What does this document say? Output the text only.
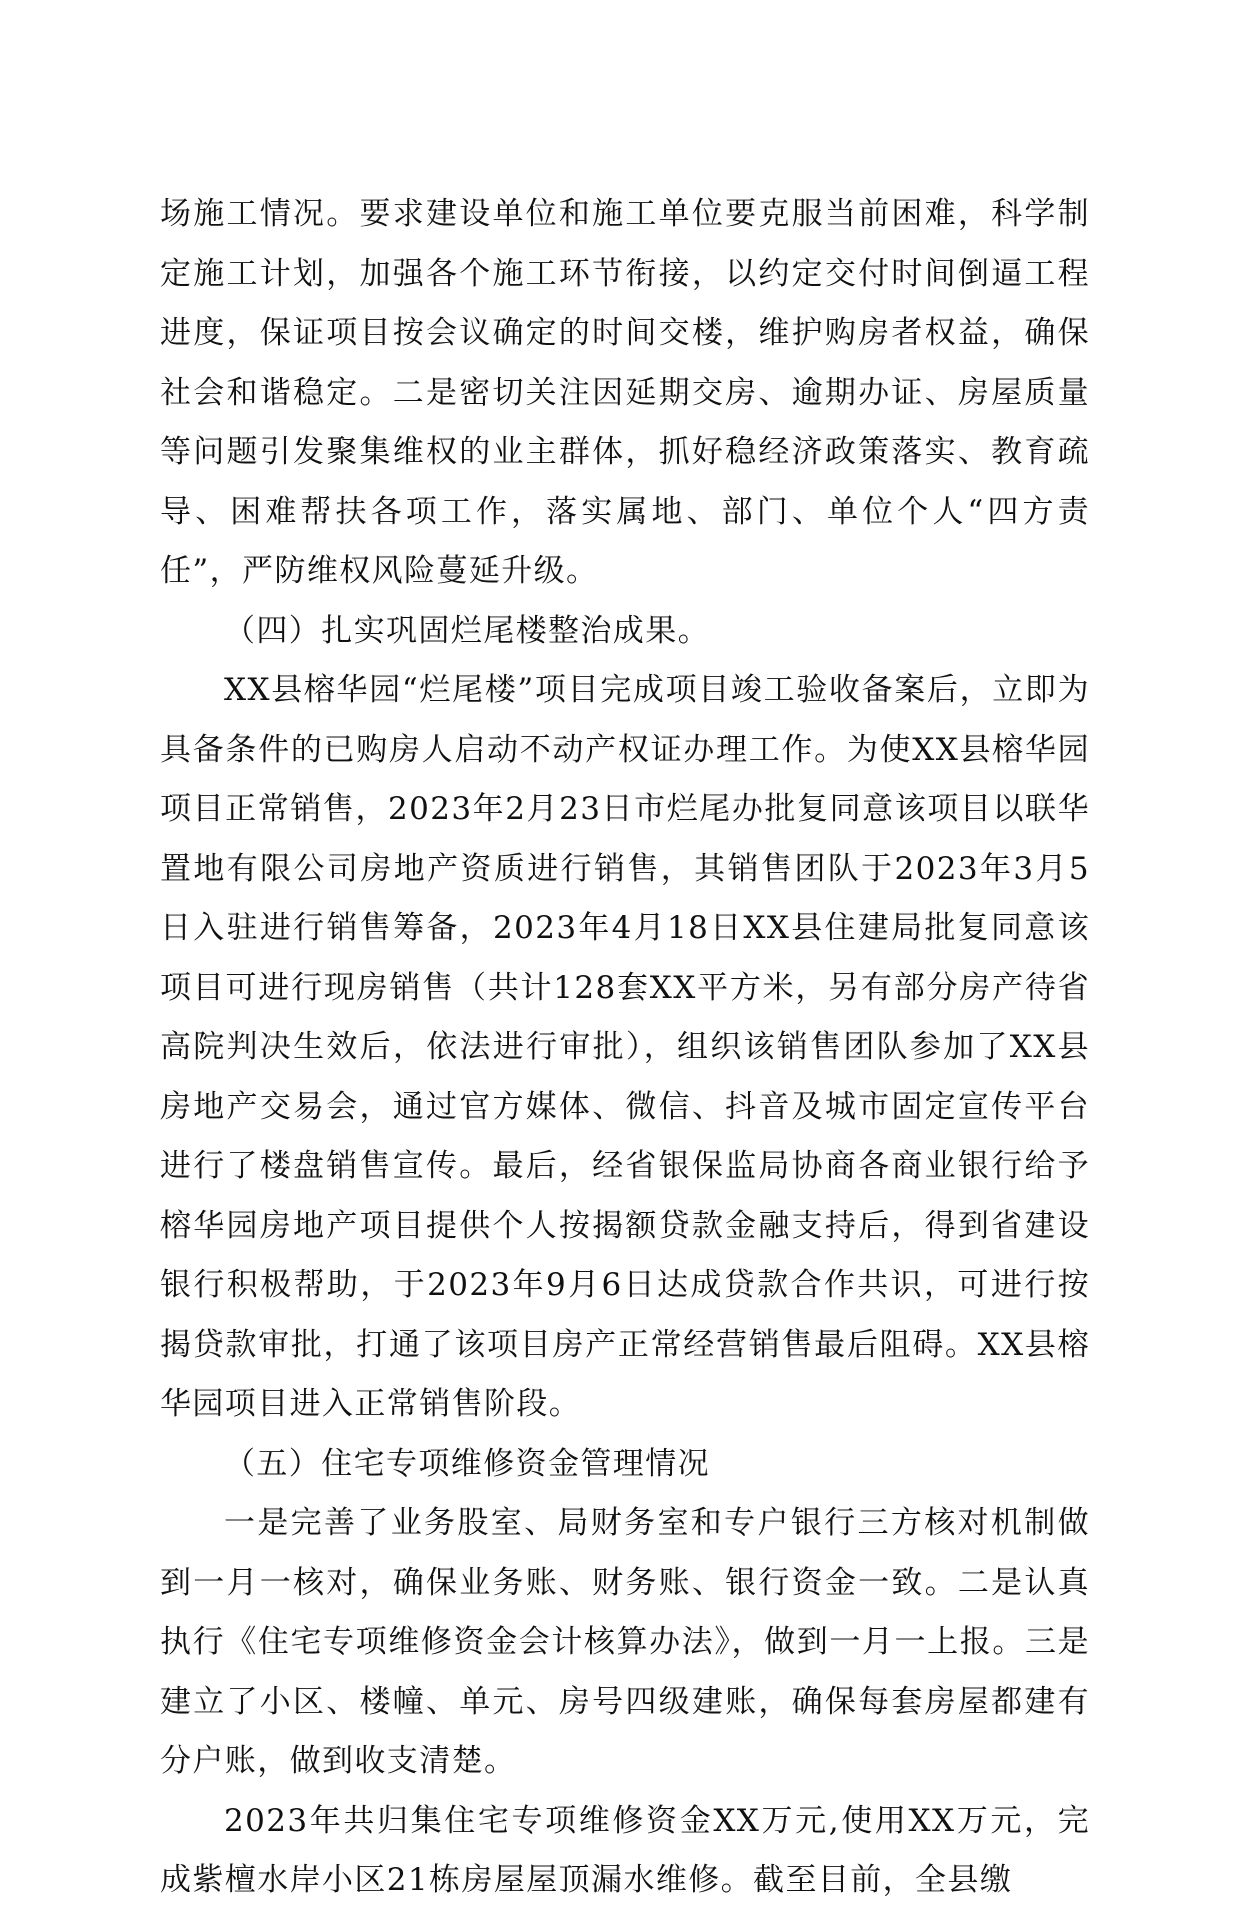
场施工情况。要求建设单位和施工单位要克服当前困难，科学制定施工计划，加强各个施工环节衔接，以约定交付时间倒逼工程进度，保证项目按会议确定的时间交楼，维护购房者权益，确保社会和谐稳定。二是密切关注因延期交房、逾期办证、房屋质量等问题引发聚集维权的业主群体，抓好稳经济政策落实、教育疏导、困难帮扶各项工作，落实属地、部门、单位个人“四方责任”，严防维权风险蔓延升级。

（四）扎实巩固烂尾楼整治成果。

XX县榕华园“烂尾楼”项目完成项目竣工验收备案后，立即为具备条件的已购房人启动不动产权证办理工作。为使XX县榕华园项目正常销售，2023年2月23日市烂尾办批复同意该项目以联华置地有限公司房地产资质进行销售，其销售团队于2023年3月5日入驻进行销售筹备，2023年4月18日XX县住建局批复同意该项目可进行现房销售（共计128套XX平方米，另有部分房产待省高院判决生效后，依法进行审批），组织该销售团队参加了XX县房地产交易会，通过官方媒体、微信、抖音及城市固定宣传平台进行了楼盘销售宣传。最后，经省银保监局协商各商业银行给予榕华园房地产项目提供个人按揭额贷款金融支持后，得到省建设银行积极帮助，于2023年9月6日达成贷款合作共识，可进行按揭贷款审批，打通了该项目房产正常经营销售最后阻碍。XX县榕华园项目进入正常销售阶段。

（五）住宅专项维修资金管理情况

一是完善了业务股室、局财务室和专户银行三方核对机制做到一月一核对，确保业务账、财务账、银行资金一致。二是认真执行《住宅专项维修资金会计核算办法》，做到一月一上报。三是建立了小区、楼幢、单元、房号四级建账，确保每套房屋都建有分户账，做到收支清楚。

2023年共归集住宅专项维修资金XX万元,使用XX万元，完成紫檀水岸小区21栋房屋屋顶漏水维修。截至目前，全县缴
